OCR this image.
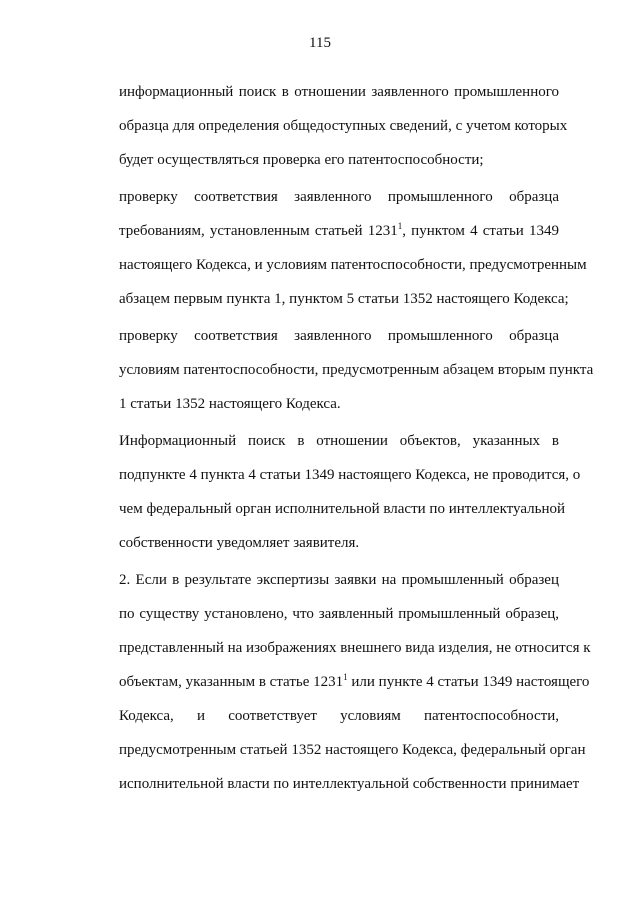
115

информационный поиск в отношении заявленного промышленного
образца для определения общедоступных сведений, с учетом которых
будет осуществляться проверка его патентоспособности;

проверку соответствия заявленного промышленного образца
требованиям, установленным статьей 1231$^1$, пунктом 4 статьи 1349
настоящего Кодекса, и условиям патентоспособности, предусмотренным
абзацем первым пункта 1, пунктом 5 статьи 1352 настоящего Кодекса;

проверку соответствия заявленного промышленного образца
условиям патентоспособности, предусмотренным абзацем вторым пункта
1 статьи 1352 настоящего Кодекса.

Информационный поиск в отношении объектов, указанных в
подпункте 4 пункта 4 статьи 1349 настоящего Кодекса, не проводится, о
чем федеральный орган исполнительной власти по интеллектуальной
собственности уведомляет заявителя.

2. Если в результате экспертизы заявки на промышленный образец
по существу установлено, что заявленный промышленный образец,
представленный на изображениях внешнего вида изделия, не относится к
объектам, указанным в статье 1231$^1$ или пункте 4 статьи 1349 настоящего
Кодекса, и соответствует условиям патентоспособности,
предусмотренным статьей 1352 настоящего Кодекса, федеральный орган
исполнительной власти по интеллектуальной собственности принимает
